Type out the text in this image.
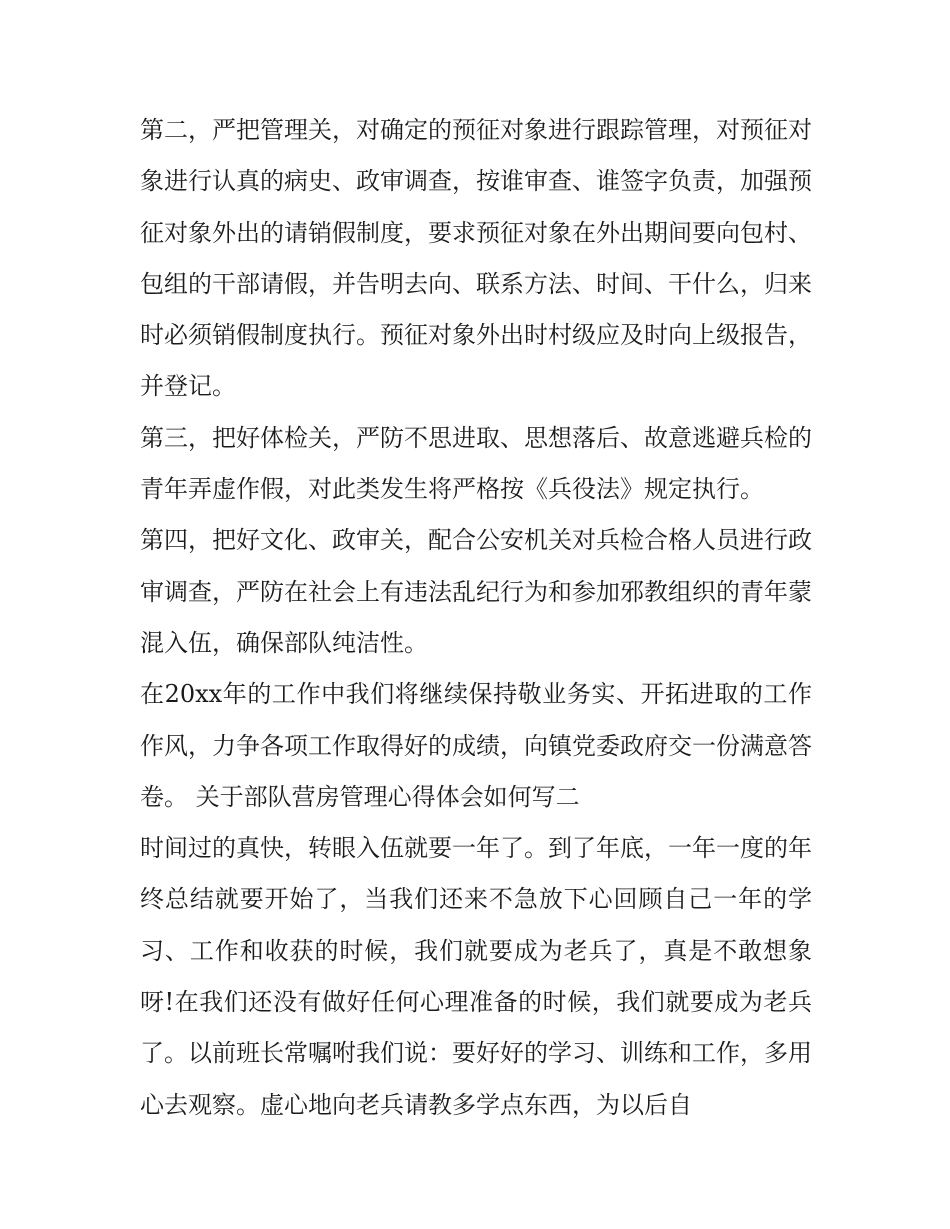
第二，严把管理关，对确定的预征对象进行跟踪管理，对预征对象进行认真的病史、政审调查，按谁审查、谁签字负责，加强预征对象外出的请销假制度，要求预征对象在外出期间要向包村、包组的干部请假，并告明去向、联系方法、时间、干什么，归来时必须销假制度执行。预征对象外出时村级应及时向上级报告，并登记。

第三，把好体检关，严防不思进取、思想落后、故意逃避兵检的青年弄虚作假，对此类发生将严格按《兵役法》规定执行。

第四，把好文化、政审关，配合公安机关对兵检合格人员进行政审调查，严防在社会上有违法乱纪行为和参加邪教组织的青年蒙混入伍，确保部队纯洁性。

在20xx年的工作中我们将继续保持敬业务实、开拓进取的工作作风，力争各项工作取得好的成绩，向镇党委政府交一份满意答卷。 关于部队营房管理心得体会如何写二

时间过的真快，转眼入伍就要一年了。到了年底，一年一度的年终总结就要开始了，当我们还来不急放下心回顾自己一年的学习、工作和收获的时候，我们就要成为老兵了，真是不敢想象呀!在我们还没有做好任何心理准备的时候，我们就要成为老兵了。以前班长常嘱咐我们说：要好好的学习、训练和工作，多用心去观察。虚心地向老兵请教多学点东西，为以后自
